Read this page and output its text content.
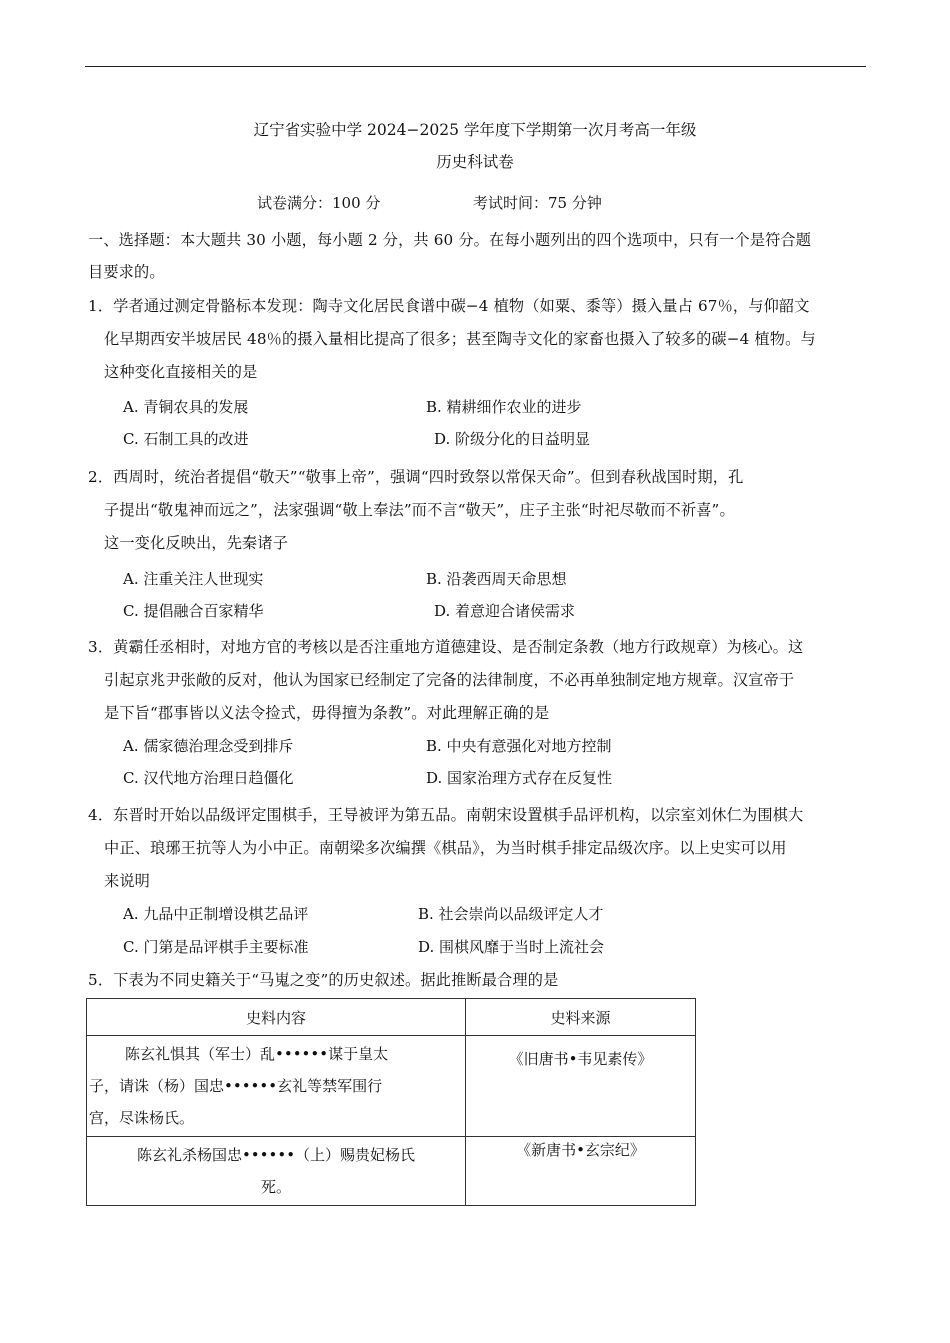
辽宁省实验中学 2024−2025 学年度下学期第一次月考高一年级
历史科试卷
试卷满分：100 分	考试时间：75 分钟
一、选择题：本大题共 30 小题，每小题 2 分，共 60 分。在每小题列出的四个选项中，只有一个是符合题
目要求的。
1．学者通过测定骨骼标本发现：陶寺文化居民食谱中碳−4 植物（如粟、黍等）摄入量占 67％，与仰韶文
化早期西安半坡居民 48％的摄入量相比提高了很多；甚至陶寺文化的家畜也摄入了较多的碳−4 植物。与
这种变化直接相关的是
A. 青铜农具的发展	B. 精耕细作农业的进步
C. 石制工具的改进	D. 阶级分化的日益明显
2．西周时，统治者提倡“敬天”“敬事上帝”，强调“四时致祭以常保天命”。但到春秋战国时期，孔
子提出“敬鬼神而远之”，法家强调“敬上奉法”而不言“敬天”，庄子主张“时祀尽敬而不祈喜”。
这一变化反映出，先秦诸子
A. 注重关注人世现实	B. 沿袭西周天命思想
C. 提倡融合百家精华	D. 着意迎合诸侯需求
3．黄霸任丞相时，对地方官的考核以是否注重地方道德建设、是否制定条教（地方行政规章）为核心。这
引起京兆尹张敞的反对，他认为国家已经制定了完备的法律制度，不必再单独制定地方规章。汉宣帝于
是下旨“郡事皆以义法令捡式，毋得擅为条教”。对此理解正确的是
A. 儒家德治理念受到排斥	B. 中央有意强化对地方控制
C. 汉代地方治理日趋僵化	D. 国家治理方式存在反复性
4．东晋时开始以品级评定围棋手，王导被评为第五品。南朝宋设置棋手品评机构，以宗室刘休仁为围棋大
中正、琅琊王抗等人为小中正。南朝梁多次编撰《棋品》，为当时棋手排定品级次序。以上史实可以用
来说明
A. 九品中正制增设棋艺品评	B. 社会崇尚以品级评定人才
C. 门第是品评棋手主要标准	D. 围棋风靡于当时上流社会
5．下表为不同史籍关于“马嵬之变”的历史叙述。据此推断最合理的是
史料内容	史料来源

陈玄礼惧其（军士）乱••••••谋于皇太
子，请诛（杨）国忠••••••玄礼等禁军围行
宫，尽诛杨氏。	《旧唐书•韦见素传》

陈玄礼杀杨国忠••••••（上）赐贵妃杨氏
死。	《新唐书•玄宗纪》
